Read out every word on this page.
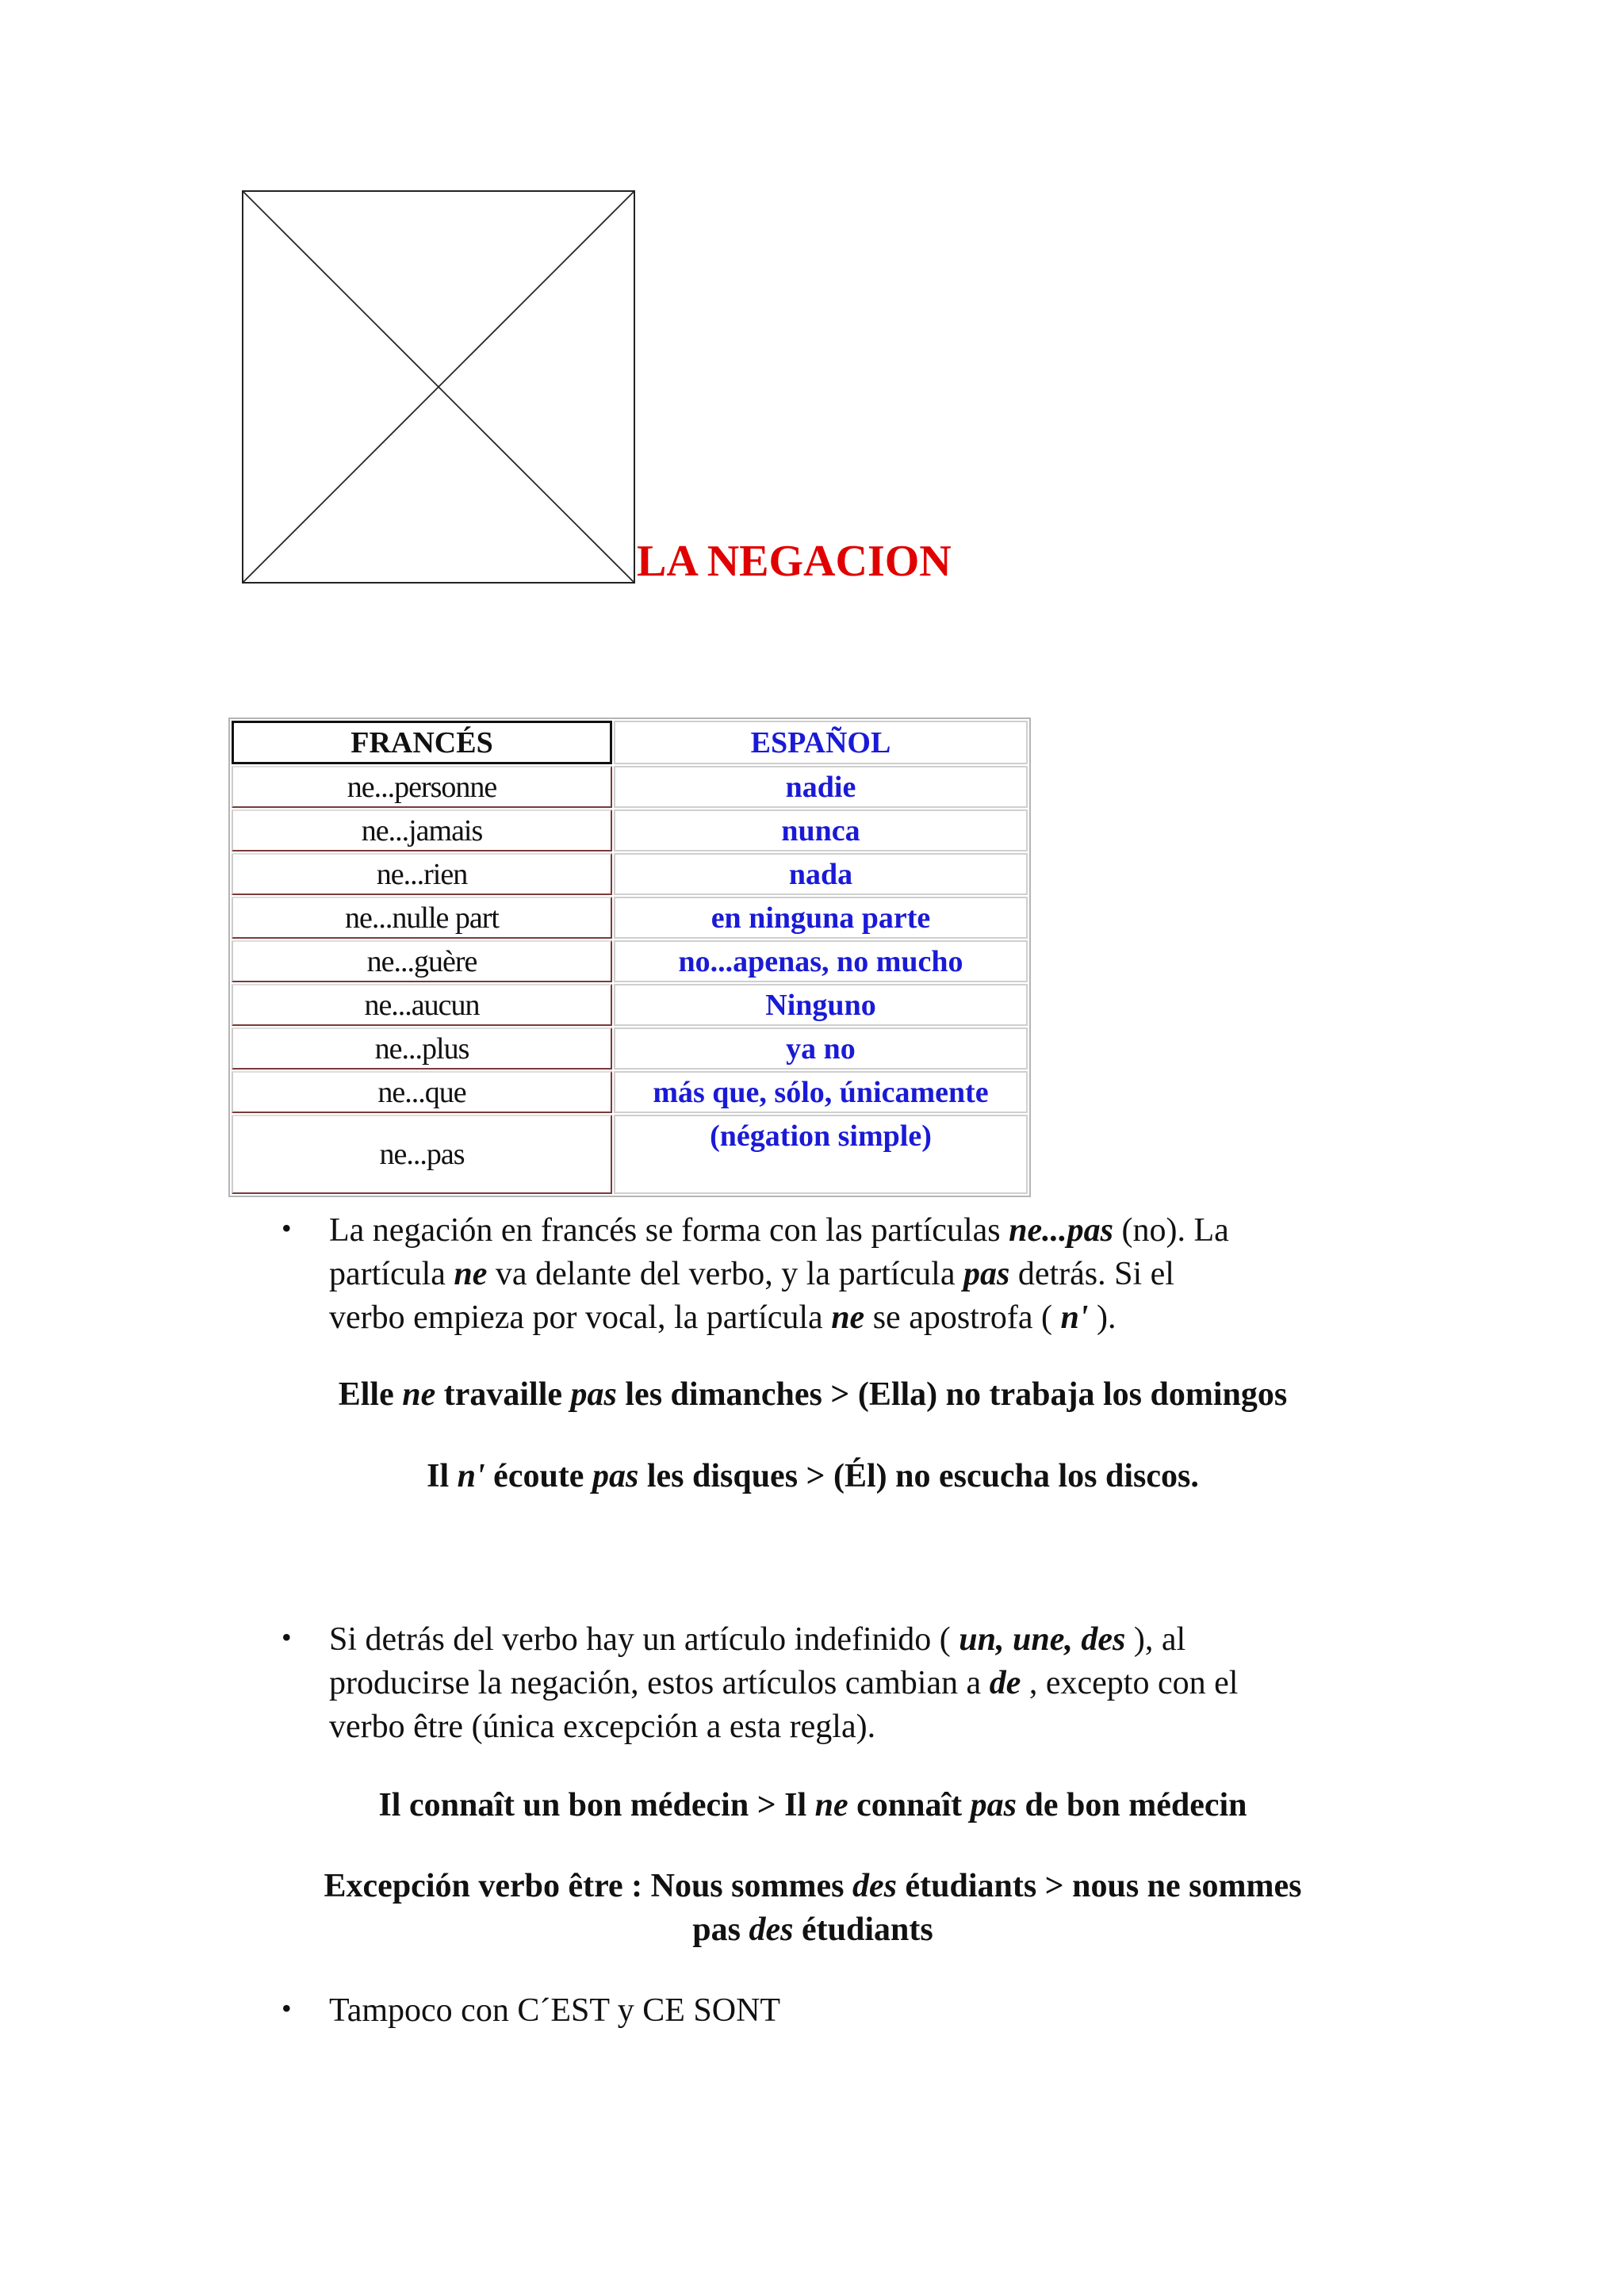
LA NEGACION
FRANCÉS	ESPAÑOL
ne...personne	nadie
ne...jamais	nunca
ne...rien	nada
ne...nulle part	en ninguna parte
ne...guère	no...apenas, no mucho
ne...aucun	Ninguno
ne...plus	ya no
ne...que	más que, sólo, únicamente
ne...pas	(négation simple)
• La negación en francés se forma con las partículas ne...pas (no). La
partícula ne va delante del verbo, y la partícula pas detrás. Si el
verbo empieza por vocal, la partícula ne se apostrofa ( n' ).
Elle ne travaille pas les dimanches > (Ella) no trabaja los domingos
Il n' écoute pas les disques > (Él) no escucha los discos.
• Si detrás del verbo hay un artículo indefinido ( un, une, des ), al
producirse la negación, estos artículos cambian a de , excepto con el
verbo être (única excepción a esta regla).
Il connaît un bon médecin > Il ne connaît pas de bon médecin
Excepción verbo être : Nous sommes des étudiants > nous ne sommes
pas des étudiants
• Tampoco con C´EST y CE SONT
